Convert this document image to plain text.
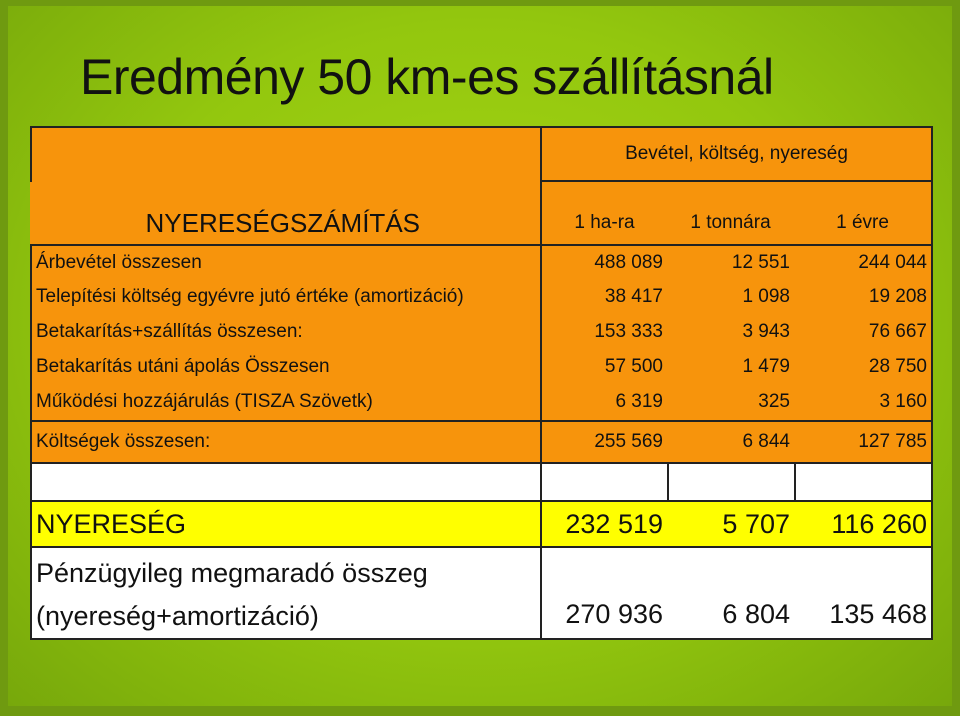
Eredmény 50 km-es szállításnál
Bevétel, költség, nyereség
NYERESÉGSZÁMÍTÁS	1 ha-ra	1 tonnára	1 évre
Árbevétel összesen	488 089	12 551	244 044
Telepítési költség egyévre jutó értéke (amortizáció)	38 417	1 098	19 208
Betakarítás+szállítás összesen:	153 333	3 943	76 667
Betakarítás utáni ápolás Összesen	57 500	1 479	28 750
Működési hozzájárulás (TISZA Szövetk)	6 319	325	3 160
Költségek összesen:	255 569	6 844	127 785
NYERESÉG	232 519	5 707	116 260
Pénzügyileg megmaradó összeg
(nyereség+amortizáció)	270 936	6 804	135 468
